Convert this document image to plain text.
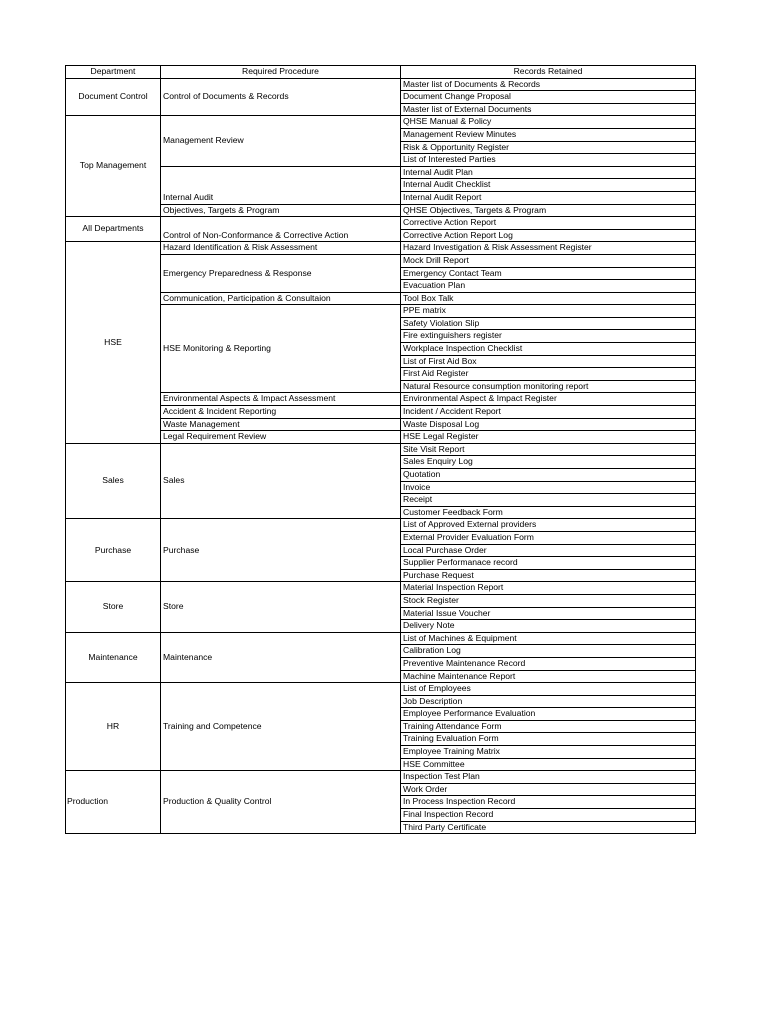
Department	Required Procedure	Records Retained
Document Control	Control of Documents & Records	Master list of Documents & Records
		Document Change Proposal
		Master list of External Documents
Top Management	Management Review	QHSE Manual & Policy
		Management Review Minutes
		Risk & Opportunity Register
		List of Interested Parties
	Internal Audit	Internal Audit Plan
		Internal Audit Checklist
		Internal Audit Report
	Objectives, Targets & Program	QHSE Objectives, Targets & Program
All Departments	Control of Non-Conformance & Corrective Action	Corrective Action Report
		Corrective Action Report Log
HSE	Hazard Identification & Risk Assessment	Hazard Investigation & Risk Assessment Register
	Emergency Preparedness & Response	Mock Drill Report
		Emergency Contact Team
		Evacuation Plan
	Communication, Participation & Consultaion	Tool Box Talk
	HSE Monitoring & Reporting	PPE matrix
		Safety Violation Slip
		Fire extinguishers register
		Workplace Inspection Checklist
		List of First Aid Box
		First Aid Register
		Natural Resource consumption monitoring report
	Environmental Aspects & Impact Assessment	Environmental Aspect & Impact Register
	Accident & Incident Reporting	Incident / Accident Report
	Waste Management	Waste Disposal Log
	Legal Requirement Review	HSE Legal Register
Sales	Sales	Site Visit Report
		Sales Enquiry Log
		Quotation
		Invoice
		Receipt
		Customer Feedback Form
Purchase	Purchase	List of Approved External providers
		External Provider Evaluation Form
		Local Purchase Order
		Supplier Performanace record
		Purchase Request
Store	Store	Material Inspection Report
		Stock Register
		Material Issue Voucher
		Delivery Note
Maintenance	Maintenance	List of Machines & Equipment
		Calibration Log
		Preventive Maintenance Record
		Machine Maintenance Report
HR	Training and Competence	List of Employees
		Job Description
		Employee Performance Evaluation
		Training Attendance Form
		Training Evaluation Form
		Employee Training Matrix
		HSE Committee
Production	Production & Quality Control	Inspection Test Plan
		Work Order
		In Process Inspection Record
		Final Inspection Record
		Third Party Certificate
